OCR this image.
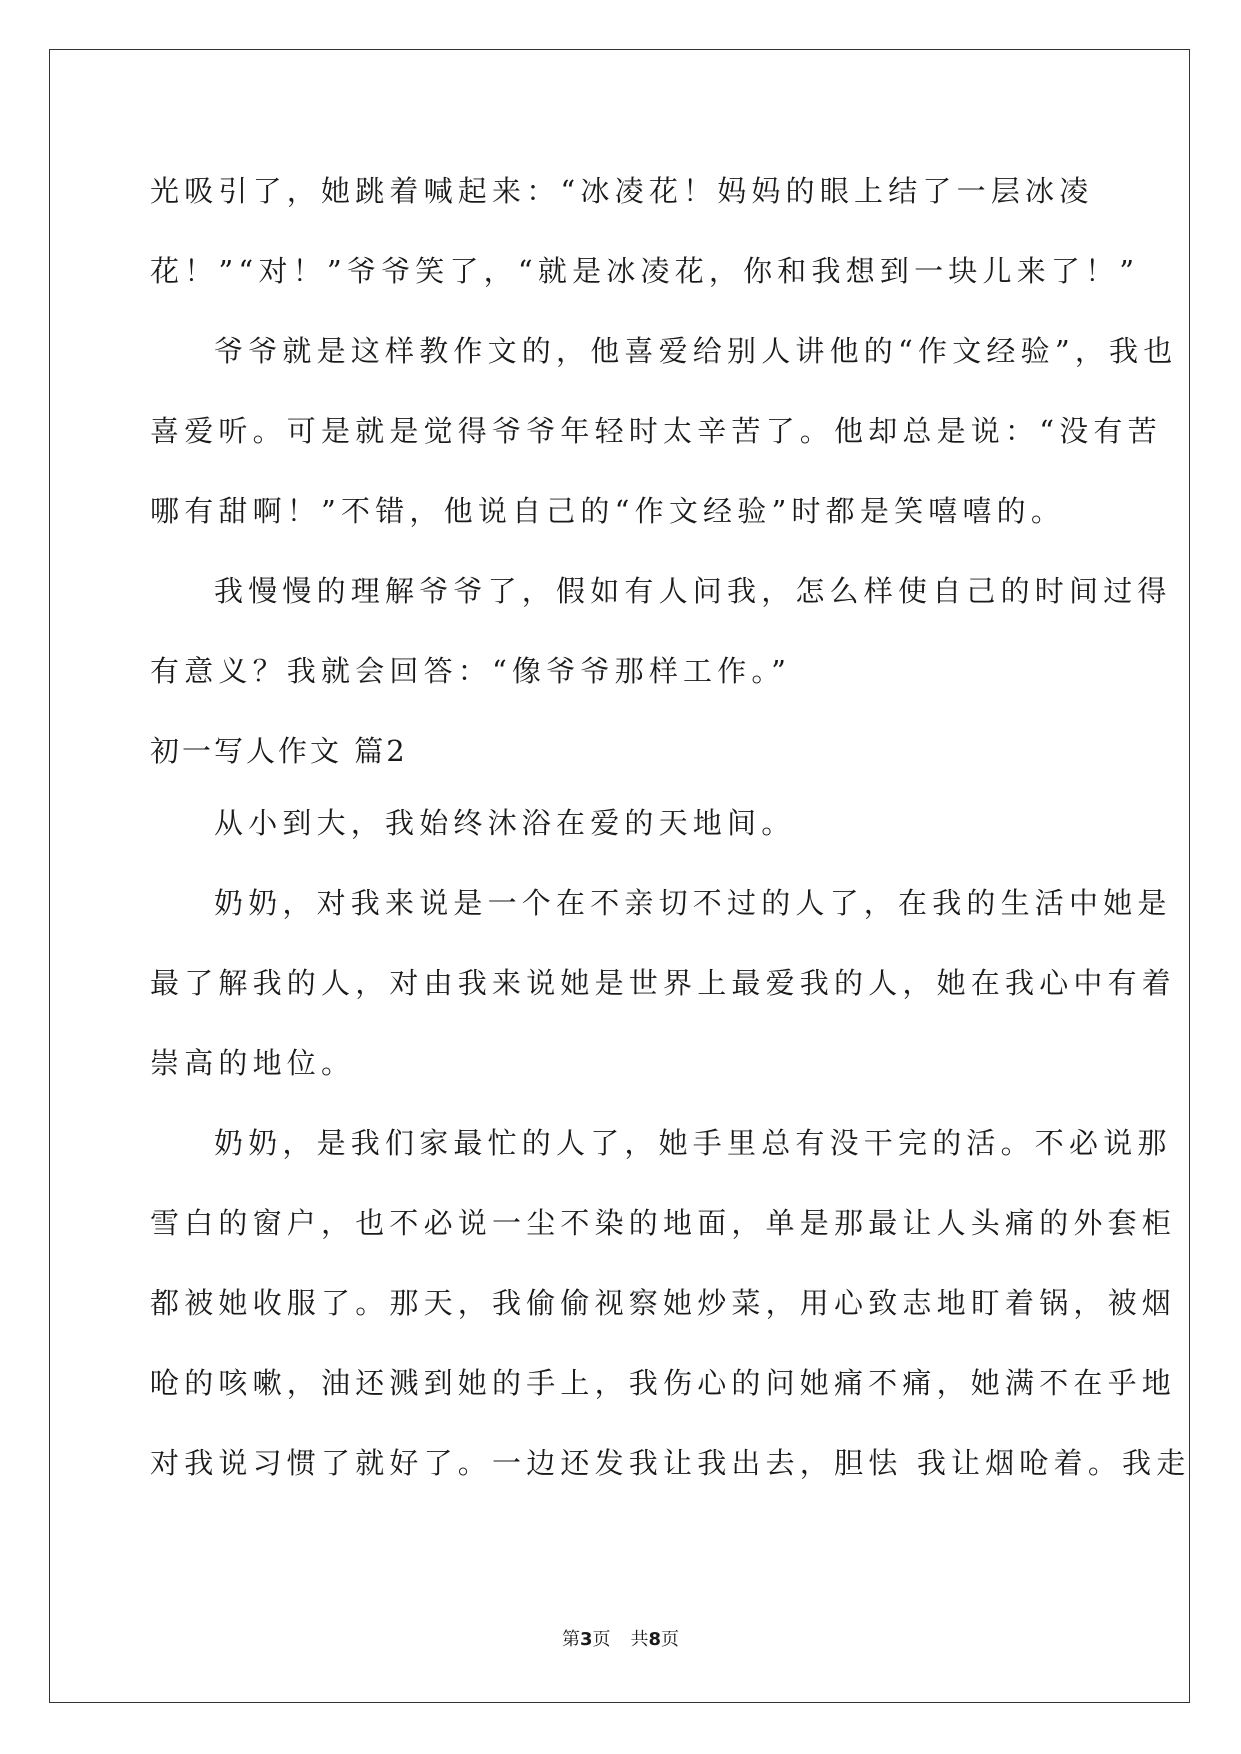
光吸引了，她跳着喊起来：“冰凌花！妈妈的眼上结了一层冰凌
花！”“对！”爷爷笑了，“就是冰凌花，你和我想到一块儿来了！”
爷爷就是这样教作文的，他喜爱给别人讲他的“作文经验”，我也
喜爱听。可是就是觉得爷爷年轻时太辛苦了。他却总是说：“没有苦
哪有甜啊！”不错，他说自己的“作文经验”时都是笑嘻嘻的。
我慢慢的理解爷爷了，假如有人问我，怎么样使自己的时间过得
有意义？我就会回答：“像爷爷那样工作。”
初一写人作文 篇2
从小到大，我始终沐浴在爱的天地间。
奶奶，对我来说是一个在不亲切不过的人了，在我的生活中她是
最了解我的人，对由我来说她是世界上最爱我的人，她在我心中有着
崇高的地位。
奶奶，是我们家最忙的人了，她手里总有没干完的活。不必说那
雪白的窗户，也不必说一尘不染的地面，单是那最让人头痛的外套柜
都被她收服了。那天，我偷偷视察她炒菜，用心致志地盯着锅，被烟
呛的咳嗽，油还溅到她的手上，我伤心的问她痛不痛，她满不在乎地
对我说习惯了就好了。一边还发我让我出去，胆怯 我让烟呛着。我走
第3页 共8页
